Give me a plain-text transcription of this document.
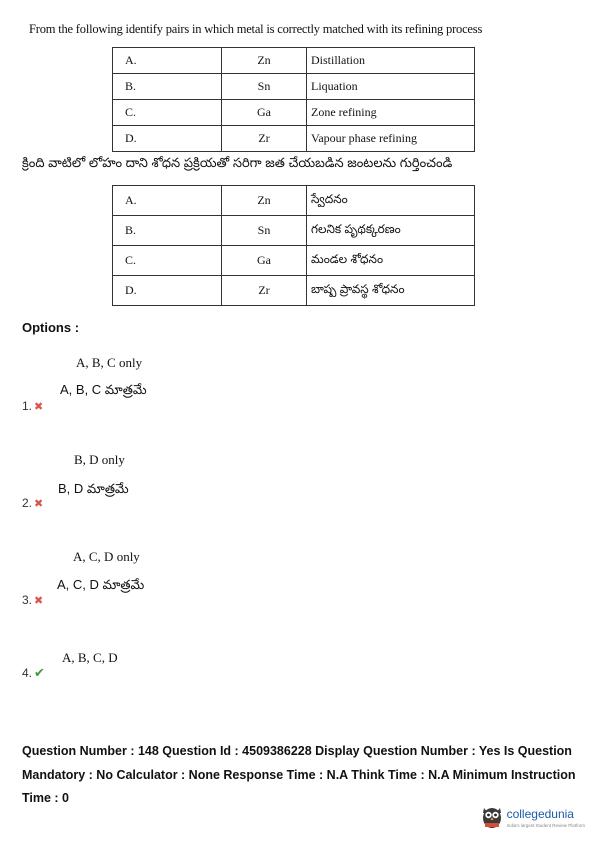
From the following identify pairs in which metal is correctly matched with its refining process
A.	Zn	Distillation
B.	Sn	Liquation
C.	Ga	Zone refining
D.	Zr	Vapour phase refining
క్రింది వాటిలో లోహం దాని శోధన ప్రక్రియతో సరిగా జత చేయబడిన జంటలను గుర్తించండి
A.	Zn	స్వేదనం
B.	Sn	గలనిక పృథక్కరణం
C.	Ga	మండల శోధనం
D.	Zr	బాష్ప ప్రావస్థ శోధనం
Options :
A, B, C only
A, B, C మాత్రమే
1. ✖
B, D only
B, D మాత్రమే
2. ✖
A, C, D only
A, C, D మాత్రమే
3. ✖
A, B, C, D
4. ✔
Question Number : 148 Question Id : 4509386228 Display Question Number : Yes Is Question Mandatory : No Calculator : None Response Time : N.A Think Time : N.A Minimum Instruction Time : 0
collegedunia
India's largest Student Review Platform
